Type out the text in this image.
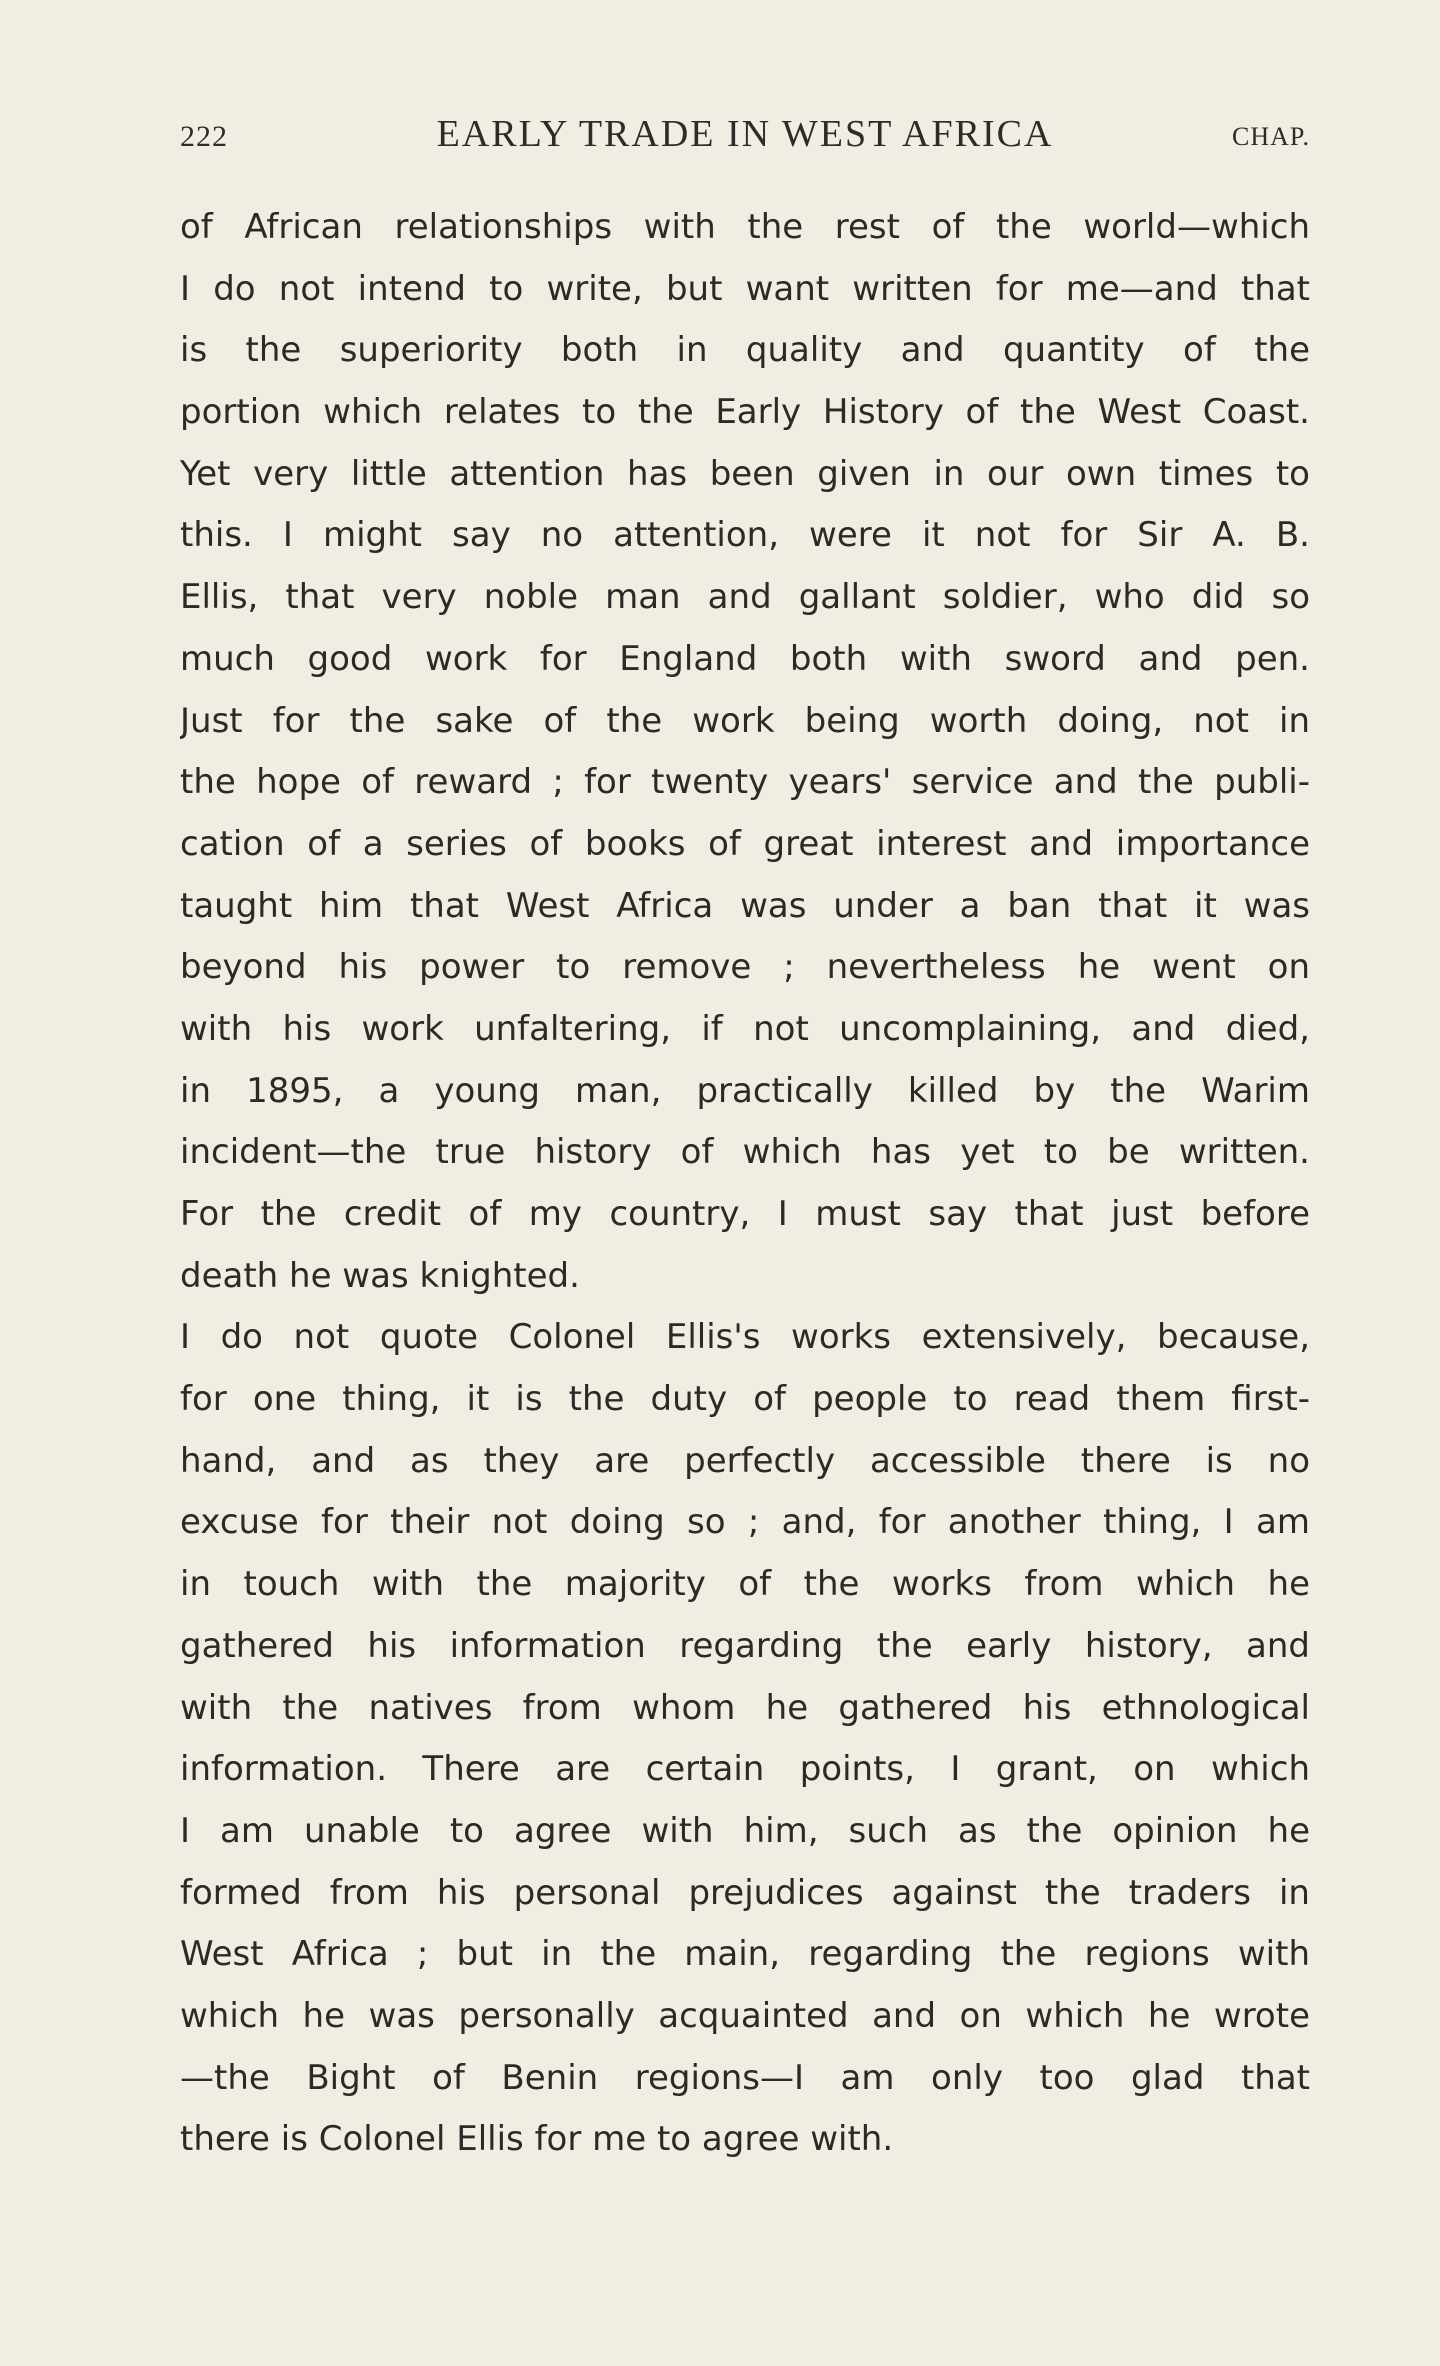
222	EARLY TRADE IN WEST AFRICA	CHAP.
of African relationships with the rest of the world—which
I do not intend to write, but want written for me—and that
is the superiority both in quality and quantity of the
portion which relates to the Early History of the West Coast.
Yet very little attention has been given in our own times to
this. I might say no attention, were it not for Sir A. B.
Ellis, that very noble man and gallant soldier, who did so
much good work for England both with sword and pen.
Just for the sake of the work being worth doing, not in
the hope of reward ; for twenty years' service and the publi-
cation of a series of books of great interest and importance
taught him that West Africa was under a ban that it was
beyond his power to remove ; nevertheless he went on
with his work unfaltering, if not uncomplaining, and died,
in 1895, a young man, practically killed by the Warim
incident—the true history of which has yet to be written.
For the credit of my country, I must say that just before
death he was knighted.
I do not quote Colonel Ellis's works extensively, because,
for one thing, it is the duty of people to read them first-
hand, and as they are perfectly accessible there is no
excuse for their not doing so ; and, for another thing, I am
in touch with the majority of the works from which he
gathered his information regarding the early history, and
with the natives from whom he gathered his ethnological
information. There are certain points, I grant, on which
I am unable to agree with him, such as the opinion he
formed from his personal prejudices against the traders in
West Africa ; but in the main, regarding the regions with
which he was personally acquainted and on which he wrote
—the Bight of Benin regions—I am only too glad that
there is Colonel Ellis for me to agree with.
